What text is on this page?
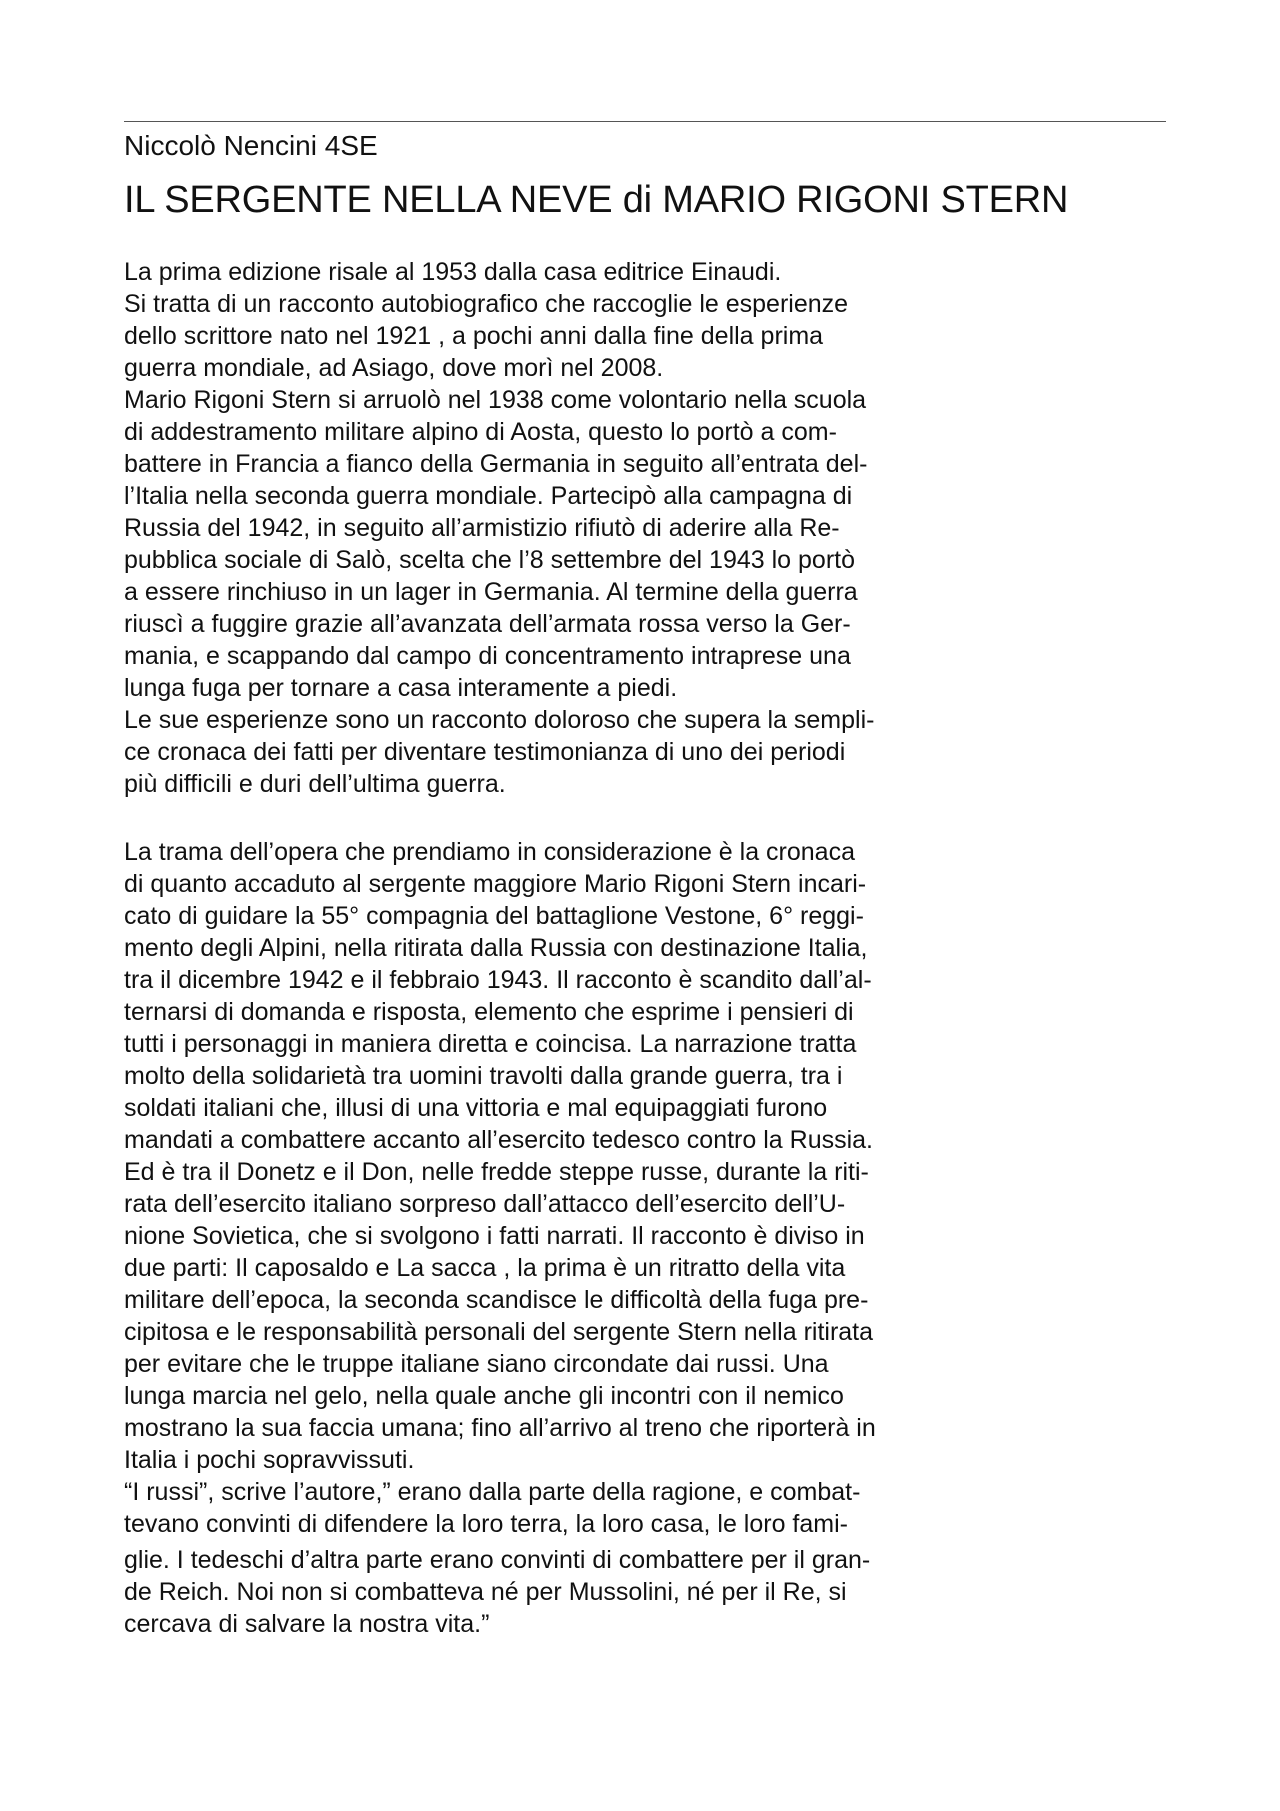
Niccolò Nencini 4SE
IL SERGENTE NELLA NEVE di MARIO RIGONI STERN
La prima edizione risale al 1953 dalla casa editrice Einaudi.
Si tratta di un racconto autobiografico che raccoglie le esperienze
dello scrittore nato nel 1921 , a pochi anni dalla fine della prima
guerra mondiale, ad Asiago, dove morì nel 2008.
Mario Rigoni Stern si arruolò nel 1938 come volontario nella scuola
di addestramento militare alpino di Aosta, questo lo portò a com-
battere in Francia a fianco della Germania in seguito all’entrata del-
l’Italia nella seconda guerra mondiale. Partecipò alla campagna di
Russia del 1942, in seguito all’armistizio rifiutò di aderire alla Re-
pubblica sociale di Salò, scelta che l’8 settembre del 1943 lo portò
a essere rinchiuso in un lager in Germania. Al termine della guerra
riuscì a fuggire grazie all’avanzata dell’armata rossa verso la Ger-
mania, e scappando dal campo di concentramento intraprese una
lunga fuga per tornare a casa interamente a piedi.
Le sue esperienze sono un racconto doloroso che supera la sempli-
ce cronaca dei fatti per diventare testimonianza di uno dei periodi
più difficili e duri dell’ultima guerra.
La trama dell’opera che prendiamo in considerazione è la cronaca
di quanto accaduto al sergente maggiore Mario Rigoni Stern incari-
cato di guidare la 55° compagnia del battaglione Vestone, 6° reggi-
mento degli Alpini, nella ritirata dalla Russia con destinazione Italia,
tra il dicembre 1942 e il febbraio 1943. Il racconto è scandito dall’al-
ternarsi di domanda e risposta, elemento che esprime i pensieri di
tutti i personaggi in maniera diretta e coincisa. La narrazione tratta
molto della solidarietà tra uomini travolti dalla grande guerra, tra i
soldati italiani che, illusi di una vittoria e mal equipaggiati furono
mandati a combattere accanto all’esercito tedesco contro la Russia.
Ed è tra il Donetz e il Don, nelle fredde steppe russe, durante la riti-
rata dell’esercito italiano sorpreso dall’attacco dell’esercito dell’U-
nione Sovietica, che si svolgono i fatti narrati. Il racconto è diviso in
due parti: Il caposaldo e La sacca , la prima è un ritratto della vita
militare dell’epoca, la seconda scandisce le difficoltà della fuga pre-
cipitosa e le responsabilità personali del sergente Stern nella ritirata
per evitare che le truppe italiane siano circondate dai russi. Una
lunga marcia nel gelo, nella quale anche gli incontri con il nemico
mostrano la sua faccia umana; fino all’arrivo al treno che riporterà in
Italia i pochi sopravvissuti.
“I russi”, scrive l’autore,” erano dalla parte della ragione, e combat-
tevano convinti di difendere la loro terra, la loro casa, le loro fami-
glie. I tedeschi d’altra parte erano convinti di combattere per il gran-
de Reich. Noi non si combatteva né per Mussolini, né per il Re, si
cercava di salvare la nostra vita.”
